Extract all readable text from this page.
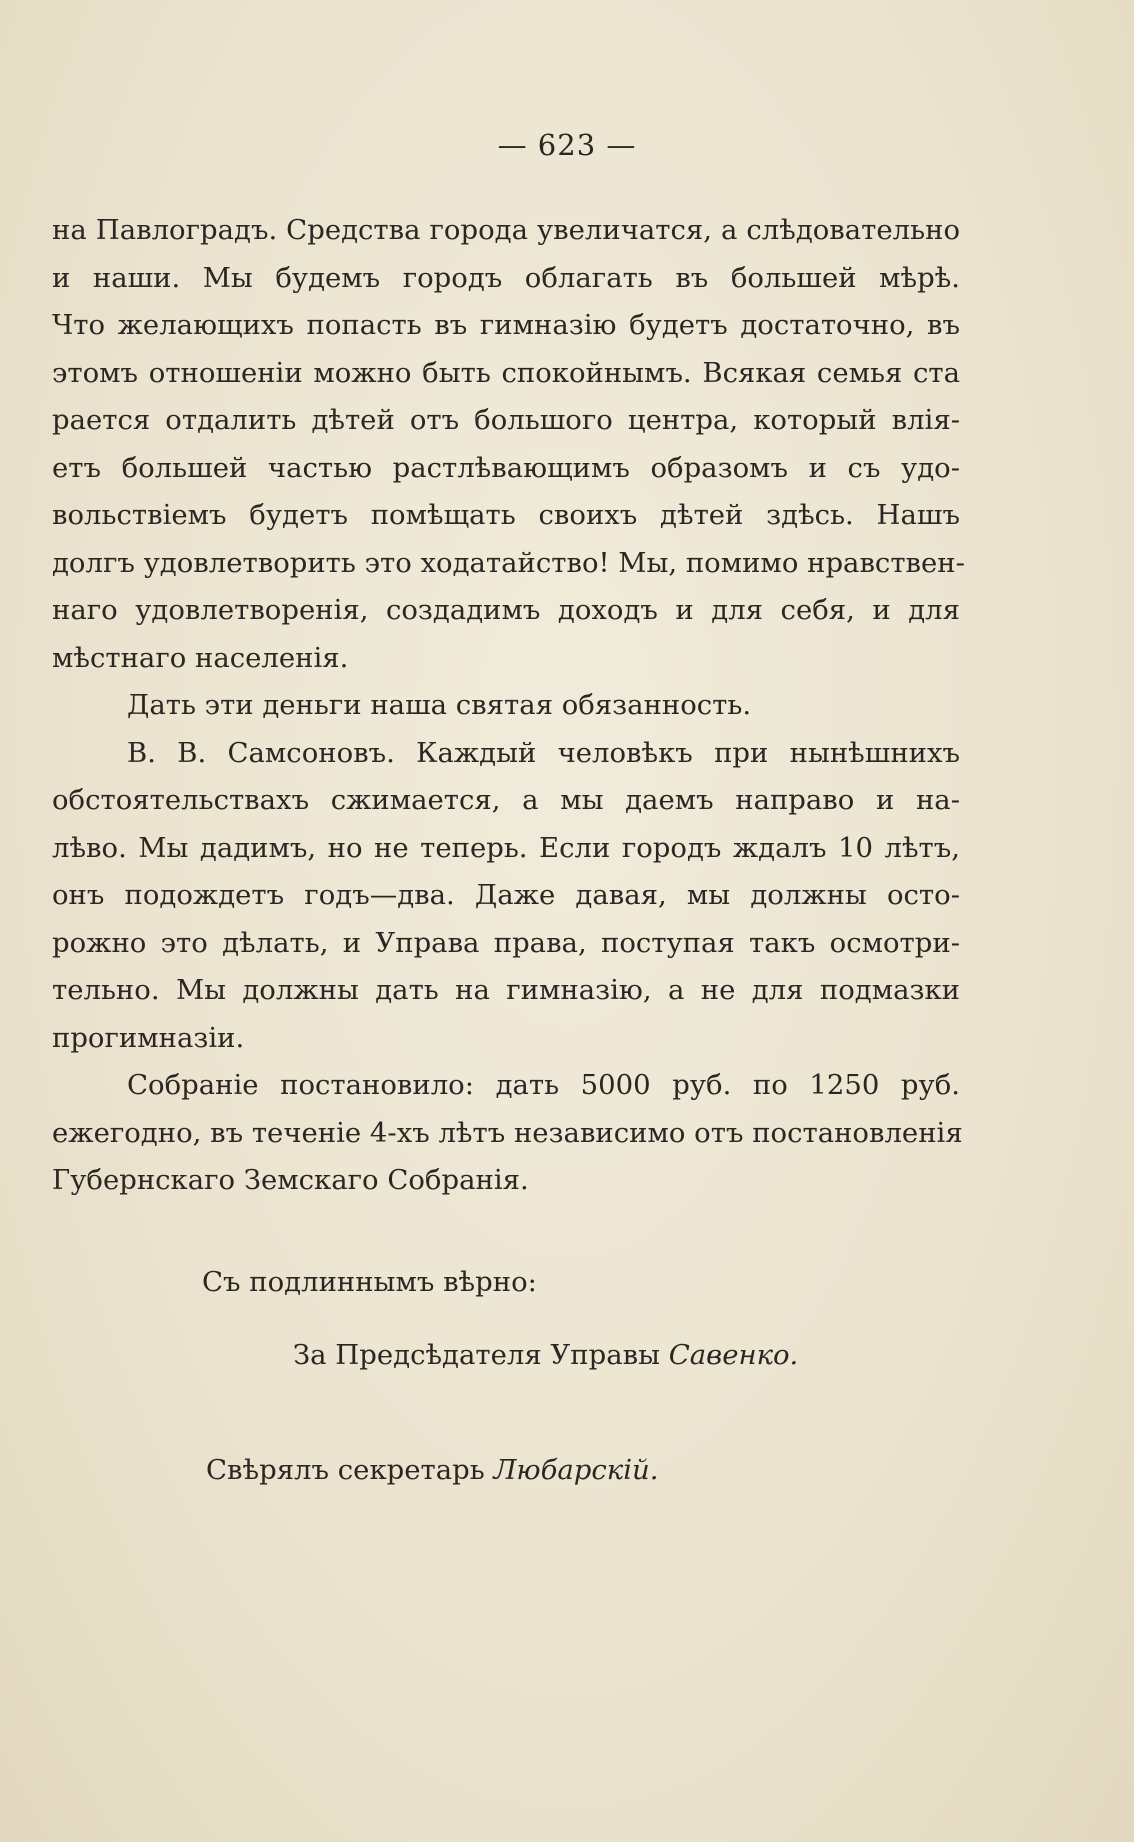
— 623 —
на Павлоградъ. Средства города увеличатся, а слѣдовательно
и наши. Мы будемъ городъ облагать въ большей мѣрѣ.
Что желающихъ попасть въ гимназію будетъ достаточно, въ
этомъ отношеніи можно быть спокойнымъ. Всякая семья ста
рается отдалить дѣтей отъ большого центра, который влія-
етъ большей частью растлѣвающимъ образомъ и съ удо-
вольствіемъ будетъ помѣщать своихъ дѣтей здѣсь. Нашъ
долгъ удовлетворить это ходатайство! Мы, помимо нравствен-
наго удовлетворенія, создадимъ доходъ и для себя, и для
мѣстнаго населенія.
Дать эти деньги наша святая обязанность.
В. В. Самсоновъ. Каждый человѣкъ при нынѣшнихъ
обстоятельствахъ сжимается, а мы даемъ направо и на-
лѣво. Мы дадимъ, но не теперь. Если городъ ждалъ 10 лѣтъ,
онъ подождетъ годъ—два. Даже давая, мы должны осто-
рожно это дѣлать, и Управа права, поступая такъ осмотри-
тельно. Мы должны дать на гимназію, а не для подмазки
прогимназіи.
Собраніе постановило: дать 5000 руб. по 1250 руб.
ежегодно, въ теченіе 4-хъ лѣтъ независимо отъ постановленія
Губернскаго Земскаго Собранія.
Съ подлиннымъ вѣрно:
За Предсѣдателя Управы Савенко.
Свѣрялъ секретарь Любарскій.
